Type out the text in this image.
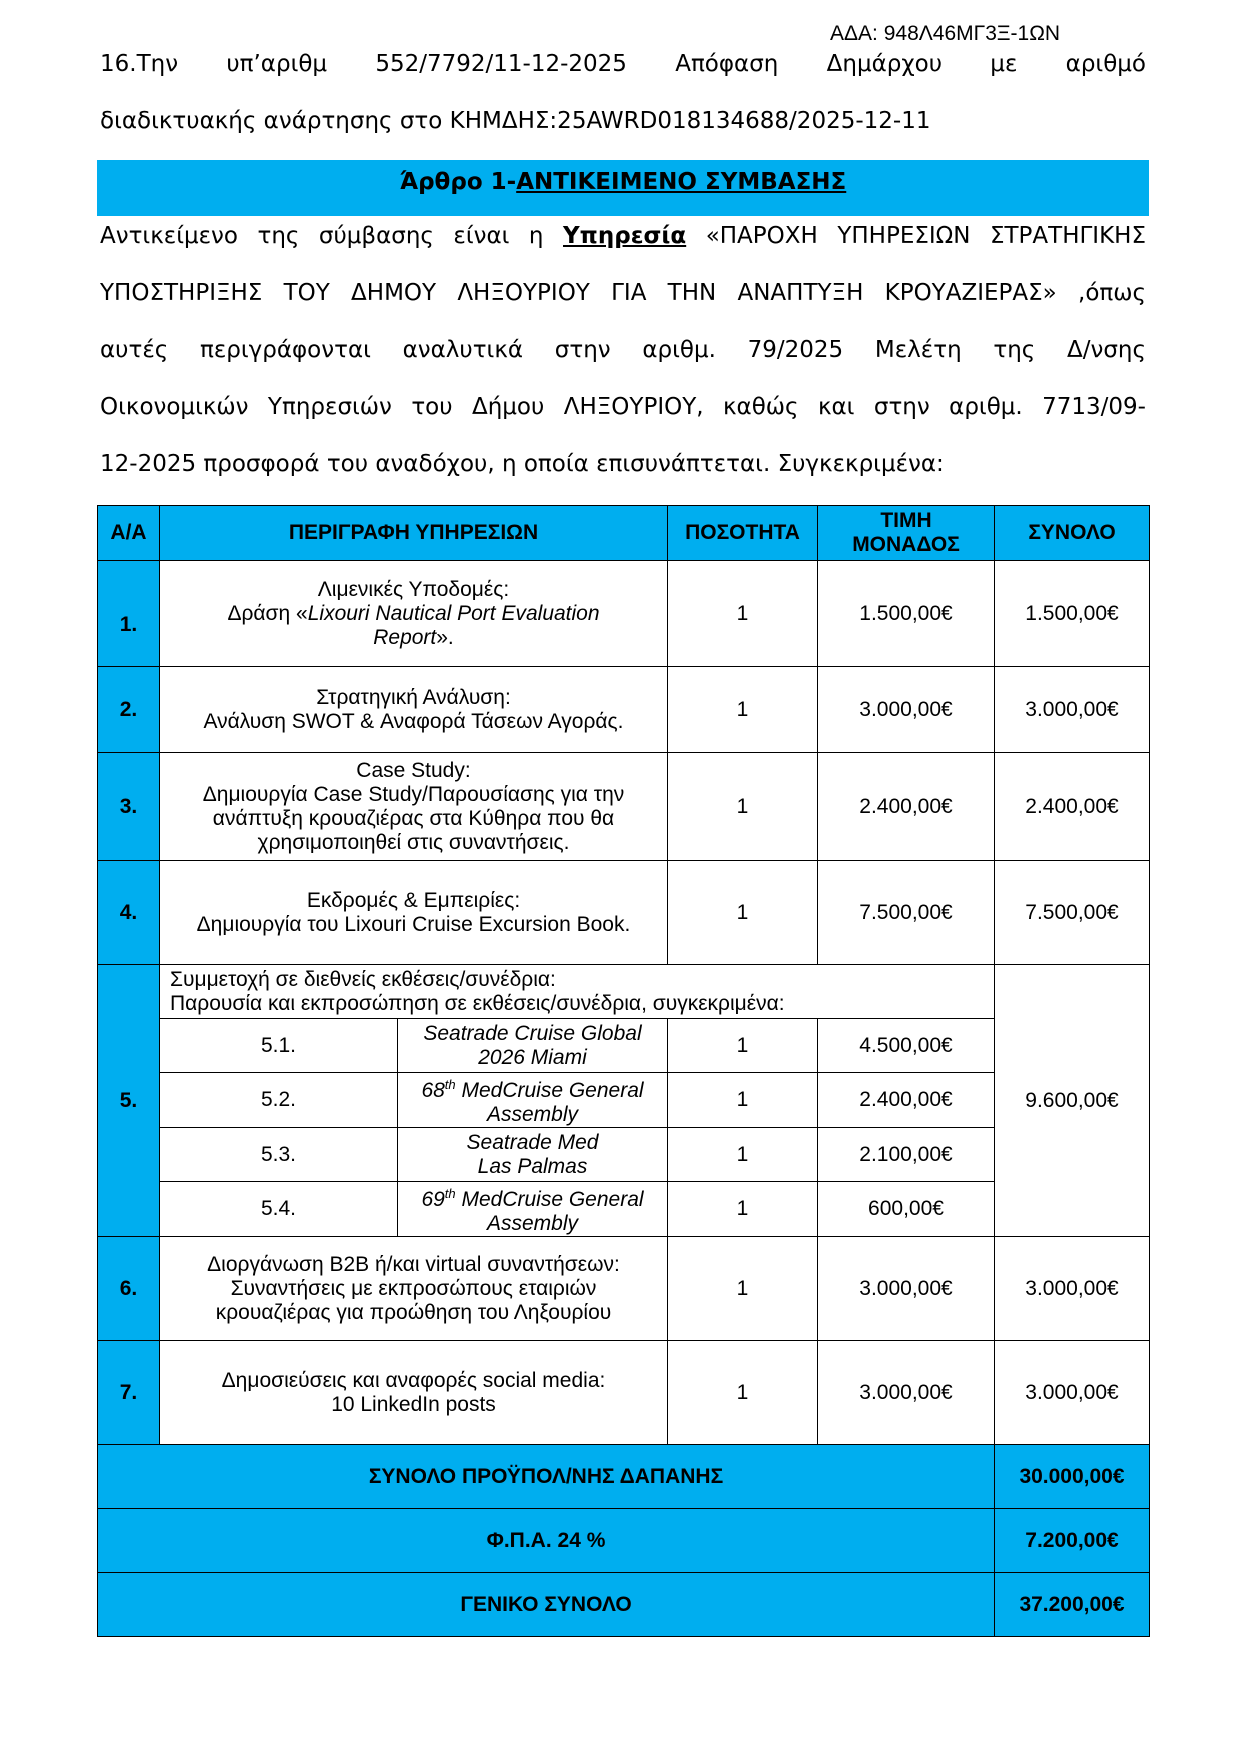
ΑΔΑ: 948Λ46ΜΓ3Ξ-1ΩΝ
16.Την υπ’αριθμ 552/7792/11-12-2025 Απόφαση Δημάρχου με αριθμό
διαδικτυακής ανάρτησης στο ΚΗΜΔΗΣ:25AWRD018134688/2025-12-11
Άρθρο 1-ΑΝΤΙΚΕΙΜΕΝΟ ΣΥΜΒΑΣΗΣ
Αντικείμενο της σύμβασης είναι η Υπηρεσία «ΠΑΡΟΧΗ ΥΠΗΡΕΣΙΩΝ ΣΤΡΑΤΗΓΙΚΗΣ
ΥΠΟΣΤΗΡΙΞΗΣ ΤΟΥ ΔΗΜΟΥ ΛΗΞΟΥΡΙΟΥ ΓΙΑ ΤΗΝ ΑΝΑΠΤΥΞΗ ΚΡΟΥΑΖΙΕΡΑΣ» ,όπως
αυτές περιγράφονται αναλυτικά στην αριθμ. 79/2025 Μελέτη της Δ/νσης
Οικονομικών Υπηρεσιών του Δήμου ΛΗΞΟΥΡΙΟΥ, καθώς και στην αριθμ. 7713/09-
12-2025 προσφορά του αναδόχου, η οποία επισυνάπτεται. Συγκεκριμένα:
Α/Α	ΠΕΡΙΓΡΑΦΗ ΥΠΗΡΕΣΙΩΝ		ΠΟΣΟΤΗΤΑ	ΤΙΜΗ
ΜΟΝΑΔΟΣ	ΣΥΝΟΛΟ

1.	Λιμενικές Υποδομές:
Δράση «Lixouri Nautical Port Evaluation
Report».		1	1.500,00€	1.500,00€
2.	Στρατηγική Ανάλυση:
Ανάλυση SWOT & Αναφορά Τάσεων Αγοράς.		1	3.000,00€	3.000,00€
3.	Case Study:
Δημιουργία Case Study/Παρουσίασης για την
ανάπτυξη κρουαζιέρας στα Κύθηρα που θα
χρησιμοποιηθεί στις συναντήσεις.		1	2.400,00€	2.400,00€
4.	Εκδρομές & Εμπειρίες:
Δημιουργία του Lixouri Cruise Excursion Book.		1	7.500,00€	7.500,00€
5.	Συμμετοχή σε διεθνείς εκθέσεις/συνέδρια:
Παρουσία και εκπροσώπηση σε εκθέσεις/συνέδρια, συγκεκριμένα:				9.600,00€
	5.1.	Seatrade Cruise Global
2026 Miami	1	4.500,00€	
	5.2.	68th MedCruise General
Assembly	1	2.400,00€	
	5.3.	Seatrade Med
Las Palmas	1	2.100,00€	
	5.4.	69th MedCruise General
Assembly	1	600,00€	
6.	Διοργάνωση B2B ή/και virtual συναντήσεων:
Συναντήσεις με εκπροσώπους εταιριών
κρουαζιέρας για προώθηση του Ληξουρίου		1	3.000,00€	3.000,00€
7.	Δημοσιεύσεις και αναφορές social media:
10 LinkedIn posts		1	3.000,00€	3.000,00€
ΣΥΝΟΛΟ ΠΡΟΫΠΟΛ/ΝΗΣ ΔΑΠΑΝΗΣ					30.000,00€
Φ.Π.Α. 24 %					7.200,00€
ΓΕΝΙΚΟ ΣΥΝΟΛΟ					37.200,00€
